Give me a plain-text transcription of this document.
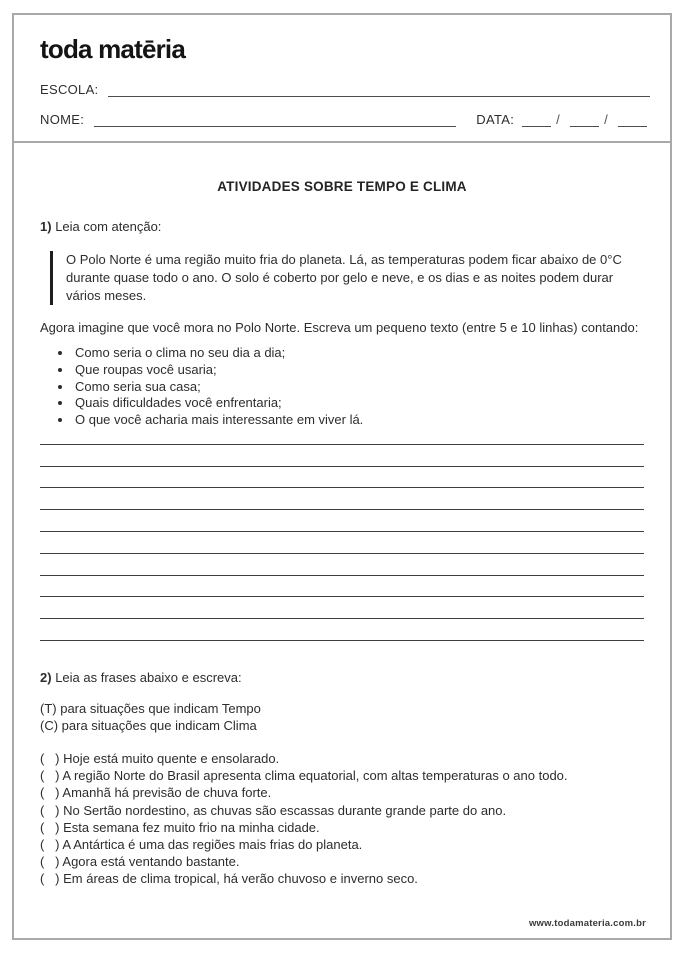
toda matēria
ESCOLA:
NOME:	DATA:	/	/
ATIVIDADES SOBRE TEMPO E CLIMA

1) Leia com atenção:

O Polo Norte é uma região muito fria do planeta. Lá, as temperaturas podem ficar abaixo de 0°C durante quase todo o ano. O solo é coberto por gelo e neve, e os dias e as noites podem durar vários meses.

Agora imagine que você mora no Polo Norte. Escreva um pequeno texto (entre 5 e 10 linhas) contando:

• Como seria o clima no seu dia a dia;
• Que roupas você usaria;
• Como seria sua casa;
• Quais dificuldades você enfrentaria;
• O que você acharia mais interessante em viver lá.

2) Leia as frases abaixo e escreva:

(T) para situações que indicam Tempo
(C) para situações que indicam Clima

(   ) Hoje está muito quente e ensolarado.

(   ) A região Norte do Brasil apresenta clima equatorial, com altas temperaturas o ano todo.

(   ) Amanhã há previsão de chuva forte.

(   ) No Sertão nordestino, as chuvas são escassas durante grande parte do ano.

(   ) Esta semana fez muito frio na minha cidade.

(   ) A Antártica é uma das regiões mais frias do planeta.

(   ) Agora está ventando bastante.

(   ) Em áreas de clima tropical, há verão chuvoso e inverno seco.

www.todamateria.com.br
